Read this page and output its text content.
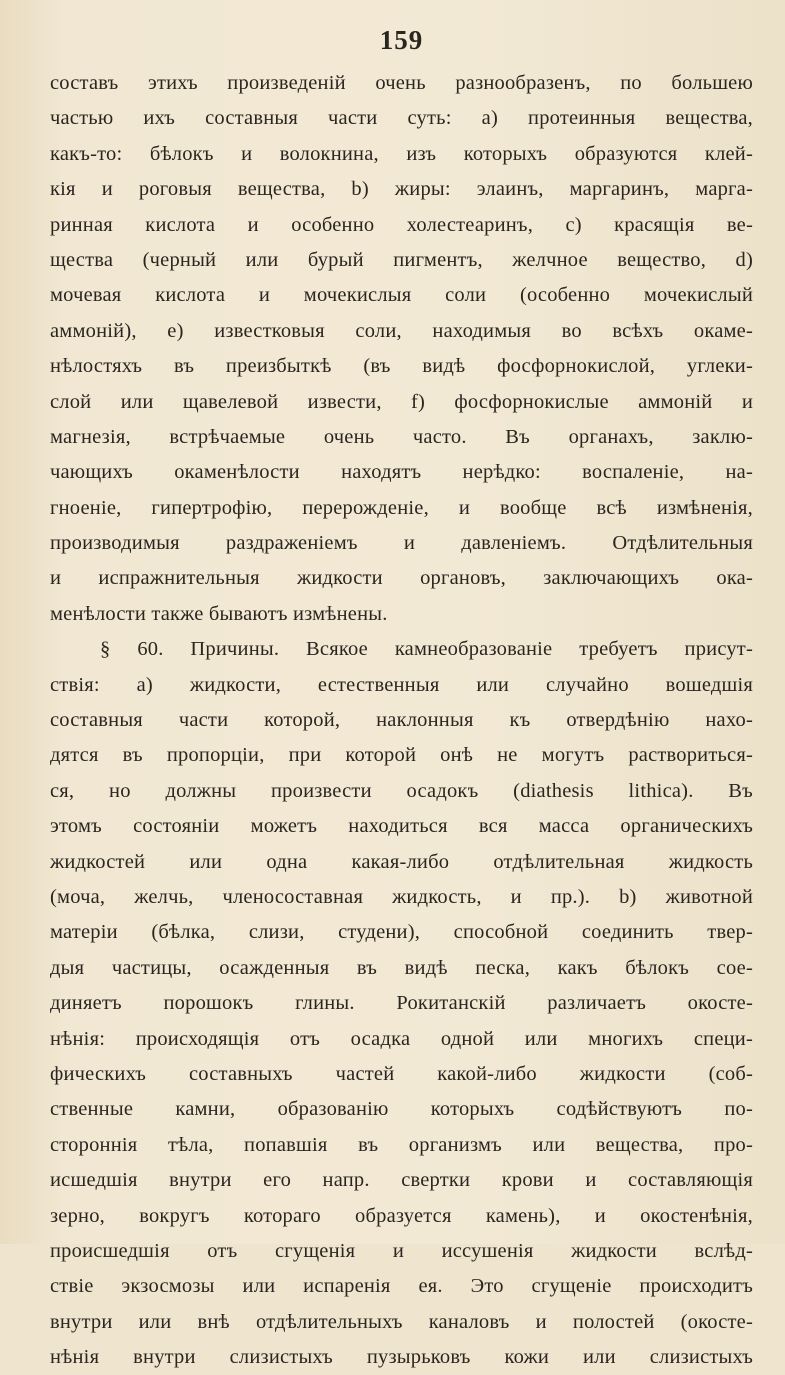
159
составъ этихъ произведеній очень разнообразенъ, по большею
частью ихъ составныя части суть: a) протеинныя вещества,
какъ-то: бѣлокъ и волокнина, изъ которыхъ образуются клей-
кія и роговыя вещества, b) жиры: элаинъ, маргаринъ, марга-
ринная кислота и особенно холестеаринъ, c) красящія ве-
щества (черный или бурый пигментъ, желчное вещество, d)
мочевая кислота и мочекислыя соли (особенно мочекислый
аммоній), e) известковыя соли, находимыя во всѣхъ окаме-
нѣлостяхъ въ преизбыткѣ (въ видѣ фосфорнокислой, углеки-
слой или щавелевой извести, f) фосфорнокислые аммоній и
магнезія, встрѣчаемые очень часто. Въ органахъ, заклю-
чающихъ окаменѣлости находятъ нерѣдко: воспаленіе, на-
гноеніе, гипертрофію, перерожденіе, и вообще всѣ измѣненія,
производимыя раздраженіемъ и давленіемъ. Отдѣлительныя
и испражнительныя жидкости органовъ, заключающихъ ока-
менѣлости также бываютъ измѣнены.
§ 60. Причины. Всякое камнеобразованіе требуетъ присут-
ствія: a) жидкости, естественныя или случайно вошедшія
составныя части которой, наклонныя къ отвердѣнію нахо-
дятся въ пропорціи, при которой онѣ не могутъ раствориться-
ся, но должны произвести осадокъ (diathesis lithica). Въ
этомъ состояніи можетъ находиться вся масса органическихъ
жидкостей или одна какая-либо отдѣлительная жидкость
(моча, желчь, членосоставная жидкость, и пр.). b) животной
матеріи (бѣлка, слизи, студени), способной соединить твер-
дыя частицы, осажденныя въ видѣ песка, какъ бѣлокъ сое-
диняетъ порошокъ глины. Рокитанскій различаетъ окосте-
нѣнія: происходящія отъ осадка одной или многихъ специ-
фическихъ составныхъ частей какой-либо жидкости (соб-
ственные камни, образованію которыхъ содѣйствуютъ по-
стороннія тѣла, попавшія въ организмъ или вещества, про-
исшедшія внутри его напр. свертки крови и составляющія
зерно, вокругъ котораго образуется камень), и окостенѣнія,
происшедшія отъ сгущенія и иссушенія жидкости вслѣд-
ствіе экзосмозы или испаренія ея. Это сгущеніе происходитъ
внутри или внѣ отдѣлительныхъ каналовъ и полостей (окосте-
нѣнія внутри слизистыхъ пузырьковъ кожи или слизистыхъ
